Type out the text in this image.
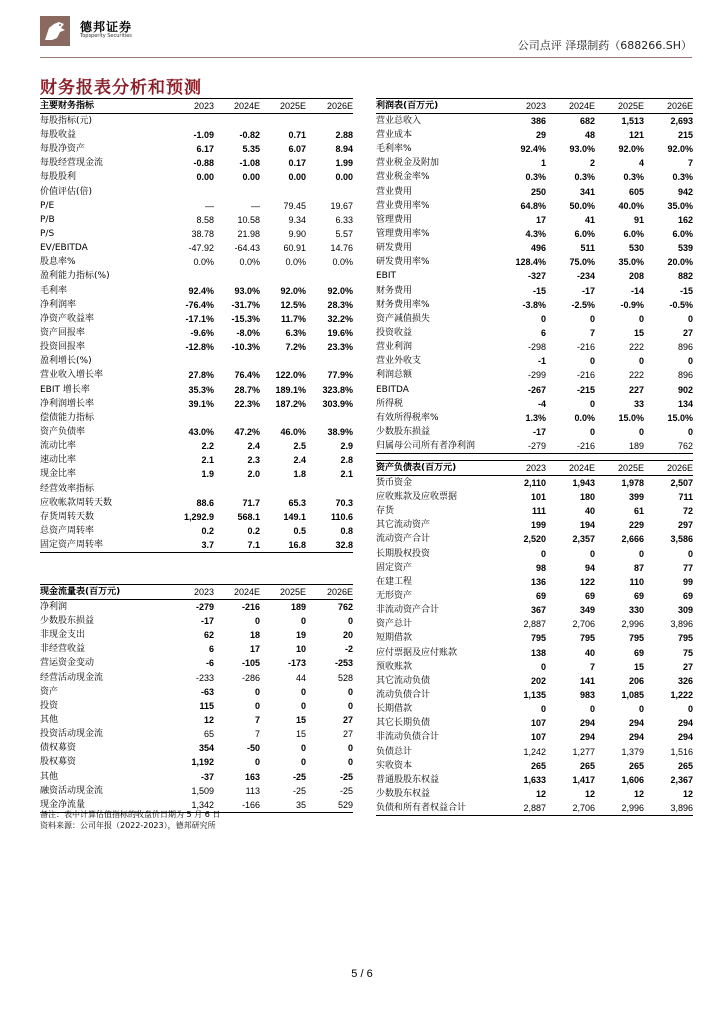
德邦证券
Topsperity Securities
公司点评 泽璟制药（688266.SH）
财务报表分析和预测
主要财务指标	2023	2024E	2025E	2026E
每股指标(元)				
每股收益	-1.09	-0.82	0.71	2.88
每股净资产	6.17	5.35	6.07	8.94
每股经营现金流	-0.88	-1.08	0.17	1.99
每股股利	0.00	0.00	0.00	0.00
价值评估(倍)				
P/E	—	—	79.45	19.67
P/B	8.58	10.58	9.34	6.33
P/S	38.78	21.98	9.90	5.57
EV/EBITDA	-47.92	-64.43	60.91	14.76
股息率%	0.0%	0.0%	0.0%	0.0%
盈利能力指标(%)				
毛利率	92.4%	93.0%	92.0%	92.0%
净利润率	-76.4%	-31.7%	12.5%	28.3%
净资产收益率	-17.1%	-15.3%	11.7%	32.2%
资产回报率	-9.6%	-8.0%	6.3%	19.6%
投资回报率	-12.8%	-10.3%	7.2%	23.3%
盈利增长(%)				
营业收入增长率	27.8%	76.4%	122.0%	77.9%
EBIT 增长率	35.3%	28.7%	189.1%	323.8%
净利润增长率	39.1%	22.3%	187.2%	303.9%
偿债能力指标				
资产负债率	43.0%	47.2%	46.0%	38.9%
流动比率	2.2	2.4	2.5	2.9
速动比率	2.1	2.3	2.4	2.8
现金比率	1.9	2.0	1.8	2.1
经营效率指标				
应收帐款周转天数	88.6	71.7	65.3	70.3
存货周转天数	1,292.9	568.1	149.1	110.6
总资产周转率	0.2	0.2	0.5	0.8
固定资产周转率	3.7	7.1	16.8	32.8
利润表(百万元)	2023	2024E	2025E	2026E
营业总收入	386	682	1,513	2,693
营业成本	29	48	121	215
毛利率%	92.4%	93.0%	92.0%	92.0%
营业税金及附加	1	2	4	7
营业税金率%	0.3%	0.3%	0.3%	0.3%
营业费用	250	341	605	942
营业费用率%	64.8%	50.0%	40.0%	35.0%
管理费用	17	41	91	162
管理费用率%	4.3%	6.0%	6.0%	6.0%
研发费用	496	511	530	539
研发费用率%	128.4%	75.0%	35.0%	20.0%
EBIT	-327	-234	208	882
财务费用	-15	-17	-14	-15
财务费用率%	-3.8%	-2.5%	-0.9%	-0.5%
资产减值损失	0	0	0	0
投资收益	6	7	15	27
营业利润	-298	-216	222	896
营业外收支	-1	0	0	0
利润总额	-299	-216	222	896
EBITDA	-267	-215	227	902
所得税	-4	0	33	134
有效所得税率%	1.3%	0.0%	15.0%	15.0%
少数股东损益	-17	0	0	0
归属母公司所有者净利润	-279	-216	189	762
资产负债表(百万元)	2023	2024E	2025E	2026E
货币资金	2,110	1,943	1,978	2,507
应收账款及应收票据	101	180	399	711
存货	111	40	61	72
其它流动资产	199	194	229	297
流动资产合计	2,520	2,357	2,666	3,586
长期股权投资	0	0	0	0
固定资产	98	94	87	77
在建工程	136	122	110	99
无形资产	69	69	69	69
非流动资产合计	367	349	330	309
资产总计	2,887	2,706	2,996	3,896
短期借款	795	795	795	795
应付票据及应付账款	138	40	69	75
预收账款	0	7	15	27
其它流动负债	202	141	206	326
流动负债合计	1,135	983	1,085	1,222
长期借款	0	0	0	0
其它长期负债	107	294	294	294
非流动负债合计	107	294	294	294
负债总计	1,242	1,277	1,379	1,516
实收资本	265	265	265	265
普通股股东权益	1,633	1,417	1,606	2,367
少数股东权益	12	12	12	12
负债和所有者权益合计	2,887	2,706	2,996	3,896
现金流量表(百万元)	2023	2024E	2025E	2026E
净利润	-279	-216	189	762
少数股东损益	-17	0	0	0
非现金支出	62	18	19	20
非经营收益	6	17	10	-2
营运资金变动	-6	-105	-173	-253
经营活动现金流	-233	-286	44	528
资产	-63	0	0	0
投资	115	0	0	0
其他	12	7	15	27
投资活动现金流	65	7	15	27
债权募资	354	-50	0	0
股权募资	1,192	0	0	0
其他	-37	163	-25	-25
融资活动现金流	1,509	113	-25	-25
现金净流量	1,342	-166	35	529
备注：表中计算估值指标的收盘价日期为 5 月 6 日
资料来源：公司年报（2022-2023），德邦研究所
5 / 6
